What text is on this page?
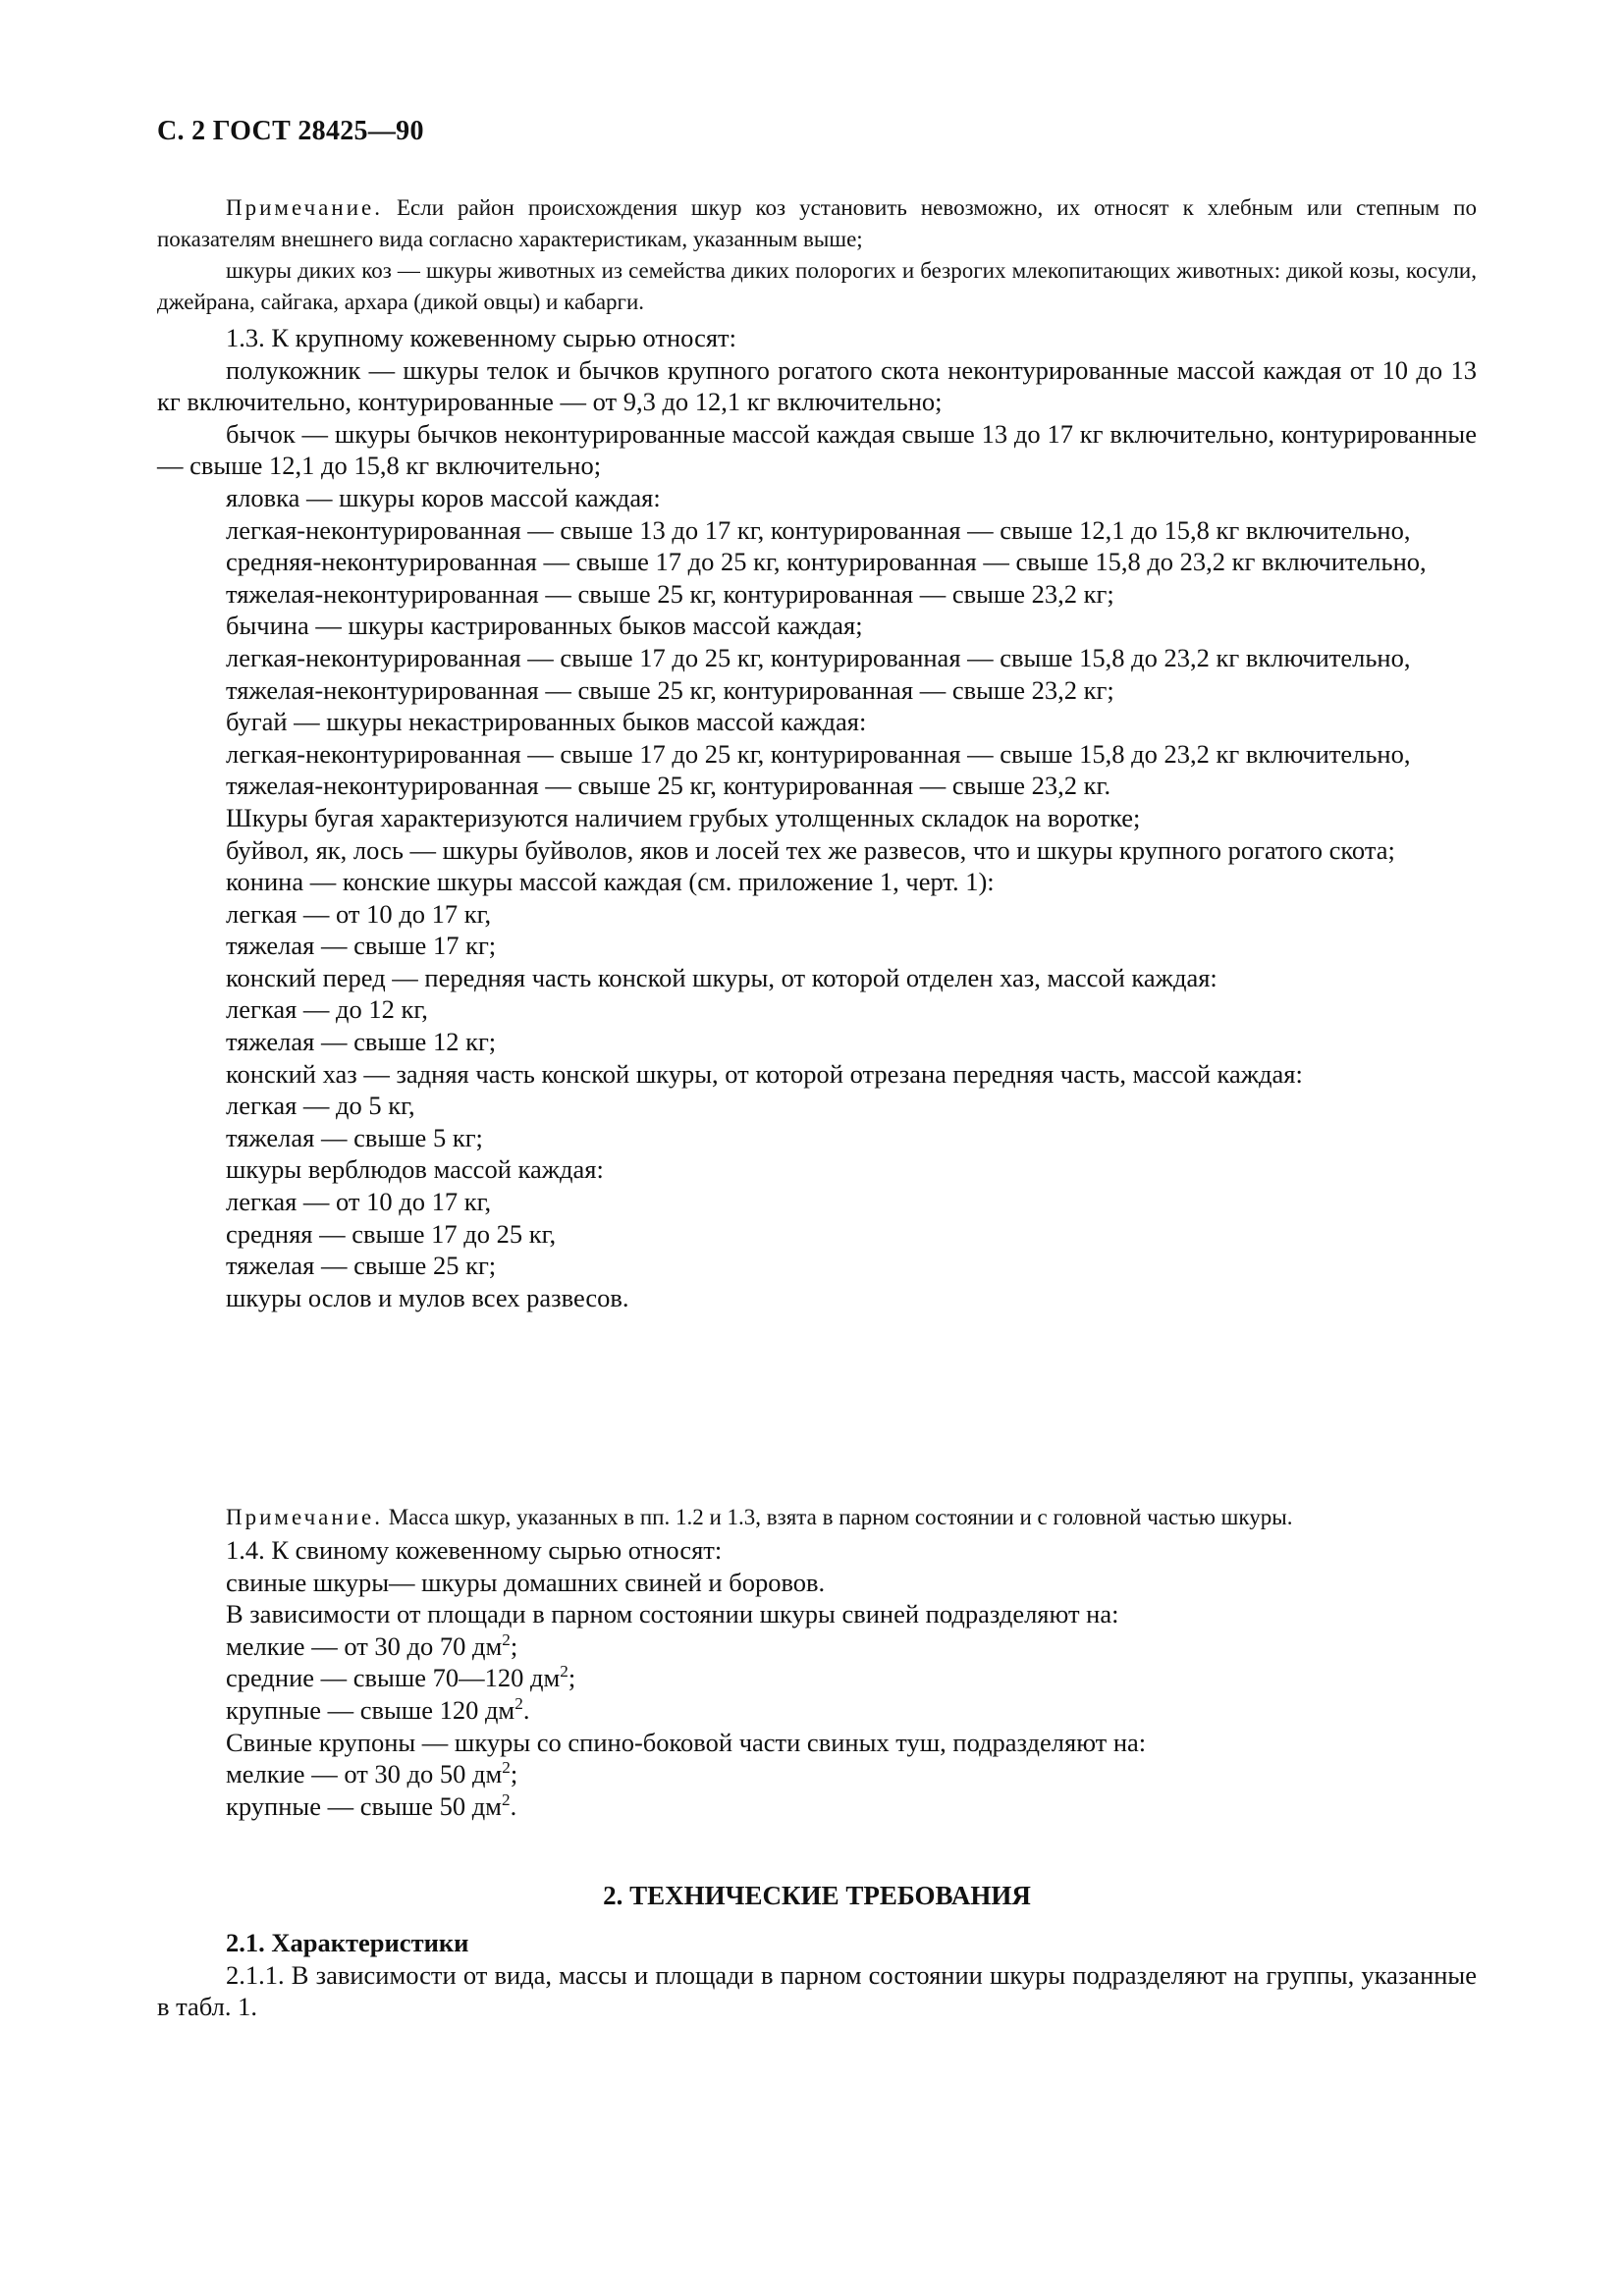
С. 2 ГОСТ 28425—90

Примечание. Если район происхождения шкур коз установить невозможно, их относят к хлебным или степным по показателям внешнего вида согласно характеристикам, указанным выше;

шкуры диких коз — шкуры животных из семейства диких полорогих и безрогих млекопитающих животных: дикой козы, косули, джейрана, сайгака, архара (дикой овцы) и кабарги.

1.3. К крупному кожевенному сырью относят:

полукожник — шкуры телок и бычков крупного рогатого скота неконтурированные массой каждая от 10 до 13 кг включительно, контурированные — от 9,3 до 12,1 кг включительно;

бычок — шкуры бычков неконтурированные массой каждая свыше 13 до 17 кг включительно, контурированные — свыше 12,1 до 15,8 кг включительно;

яловка — шкуры коров массой каждая:

легкая-неконтурированная — свыше 13 до 17 кг, контурированная — свыше 12,1 до 15,8 кг включительно,

средняя-неконтурированная — свыше 17 до 25 кг, контурированная — свыше 15,8 до 23,2 кг включительно,

тяжелая-неконтурированная — свыше 25 кг, контурированная — свыше 23,2 кг;

бычина — шкуры кастрированных быков массой каждая;

легкая-неконтурированная — свыше 17 до 25 кг, контурированная — свыше 15,8 до 23,2 кг включительно,

тяжелая-неконтурированная — свыше 25 кг, контурированная — свыше 23,2 кг;

бугай — шкуры некастрированных быков массой каждая:

легкая-неконтурированная — свыше 17 до 25 кг, контурированная — свыше 15,8 до 23,2 кг включительно,

тяжелая-неконтурированная — свыше 25 кг, контурированная — свыше 23,2 кг.

Шкуры бугая характеризуются наличием грубых утолщенных складок на воротке;

буйвол, як, лось — шкуры буйволов, яков и лосей тех же развесов, что и шкуры крупного рогатого скота;

конина — конские шкуры массой каждая (см. приложение 1, черт. 1):

легкая — от 10 до 17 кг,

тяжелая — свыше 17 кг;

конский перед — передняя часть конской шкуры, от которой отделен хаз, массой каждая:

легкая — до 12 кг,

тяжелая — свыше 12 кг;

конский хаз — задняя часть конской шкуры, от которой отрезана передняя часть, массой каждая:

легкая — до 5 кг,

тяжелая — свыше 5 кг;

шкуры верблюдов массой каждая:

легкая — от 10 до 17 кг,

средняя — свыше 17 до 25 кг,

тяжелая — свыше 25 кг;

шкуры ослов и мулов всех развесов.

Примечание. Масса шкур, указанных в пп. 1.2 и 1.3, взята в парном состоянии и с головной частью шкуры.

1.4. К свиному кожевенному сырью относят:

свиные шкуры— шкуры домашних свиней и боровов.

В зависимости от площади в парном состоянии шкуры свиней подразделяют на:

мелкие — от 30 до 70 $дм^2$;

средние — свыше 70—120 $дм^2$;

крупные — свыше 120 $дм^2$.

Свиные крупоны — шкуры со спино-боковой части свиных туш, подразделяют на:

мелкие — от 30 до 50 $дм^2$;

крупные — свыше 50 $дм^2$.

2. ТЕХНИЧЕСКИЕ ТРЕБОВАНИЯ

2.1. Характеристики

2.1.1. В зависимости от вида, массы и площади в парном состоянии шкуры подразделяют на группы, указанные в табл. 1.
